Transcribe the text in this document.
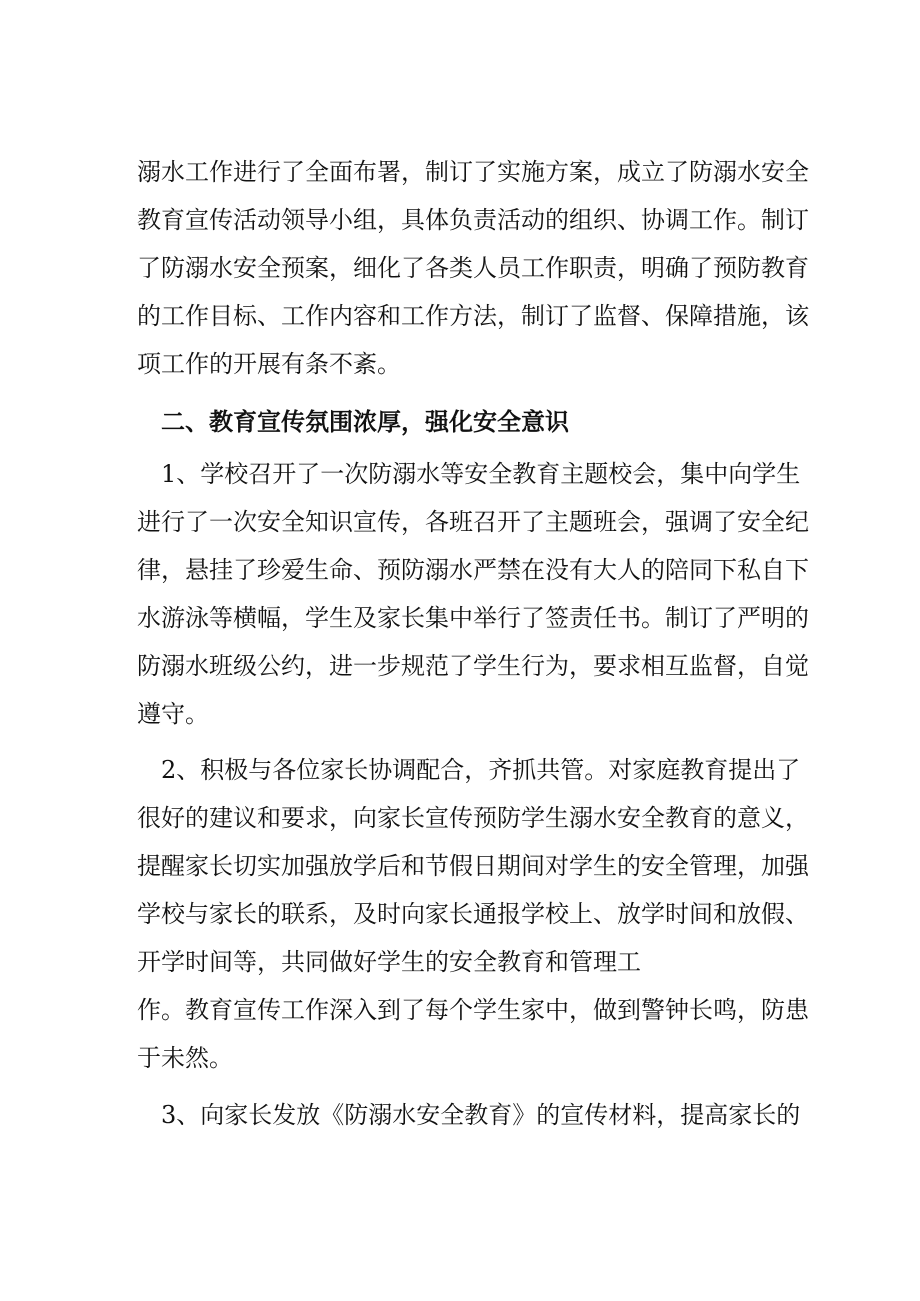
溺水工作进行了全面布署，制订了实施方案，成立了防溺水安全
教育宣传活动领导小组，具体负责活动的组织、协调工作。制订
了防溺水安全预案，细化了各类人员工作职责，明确了预防教育
的工作目标、工作内容和工作方法，制订了监督、保障措施，该
项工作的开展有条不紊。
二、教育宣传氛围浓厚，强化安全意识
1、学校召开了一次防溺水等安全教育主题校会，集中向学生
进行了一次安全知识宣传，各班召开了主题班会，强调了安全纪
律，悬挂了珍爱生命、预防溺水严禁在没有大人的陪同下私自下
水游泳等横幅，学生及家长集中举行了签责任书。制订了严明的
防溺水班级公约，进一步规范了学生行为，要求相互监督，自觉
遵守。
2、积极与各位家长协调配合，齐抓共管。对家庭教育提出了
很好的建议和要求，向家长宣传预防学生溺水安全教育的意义，
提醒家长切实加强放学后和节假日期间对学生的安全管理，加强
学校与家长的联系，及时向家长通报学校上、放学时间和放假、
开学时间等，共同做好学生的安全教育和管理工
作。教育宣传工作深入到了每个学生家中，做到警钟长鸣，防患
于未然。
3、向家长发放《防溺水安全教育》的宣传材料，提高家长的
